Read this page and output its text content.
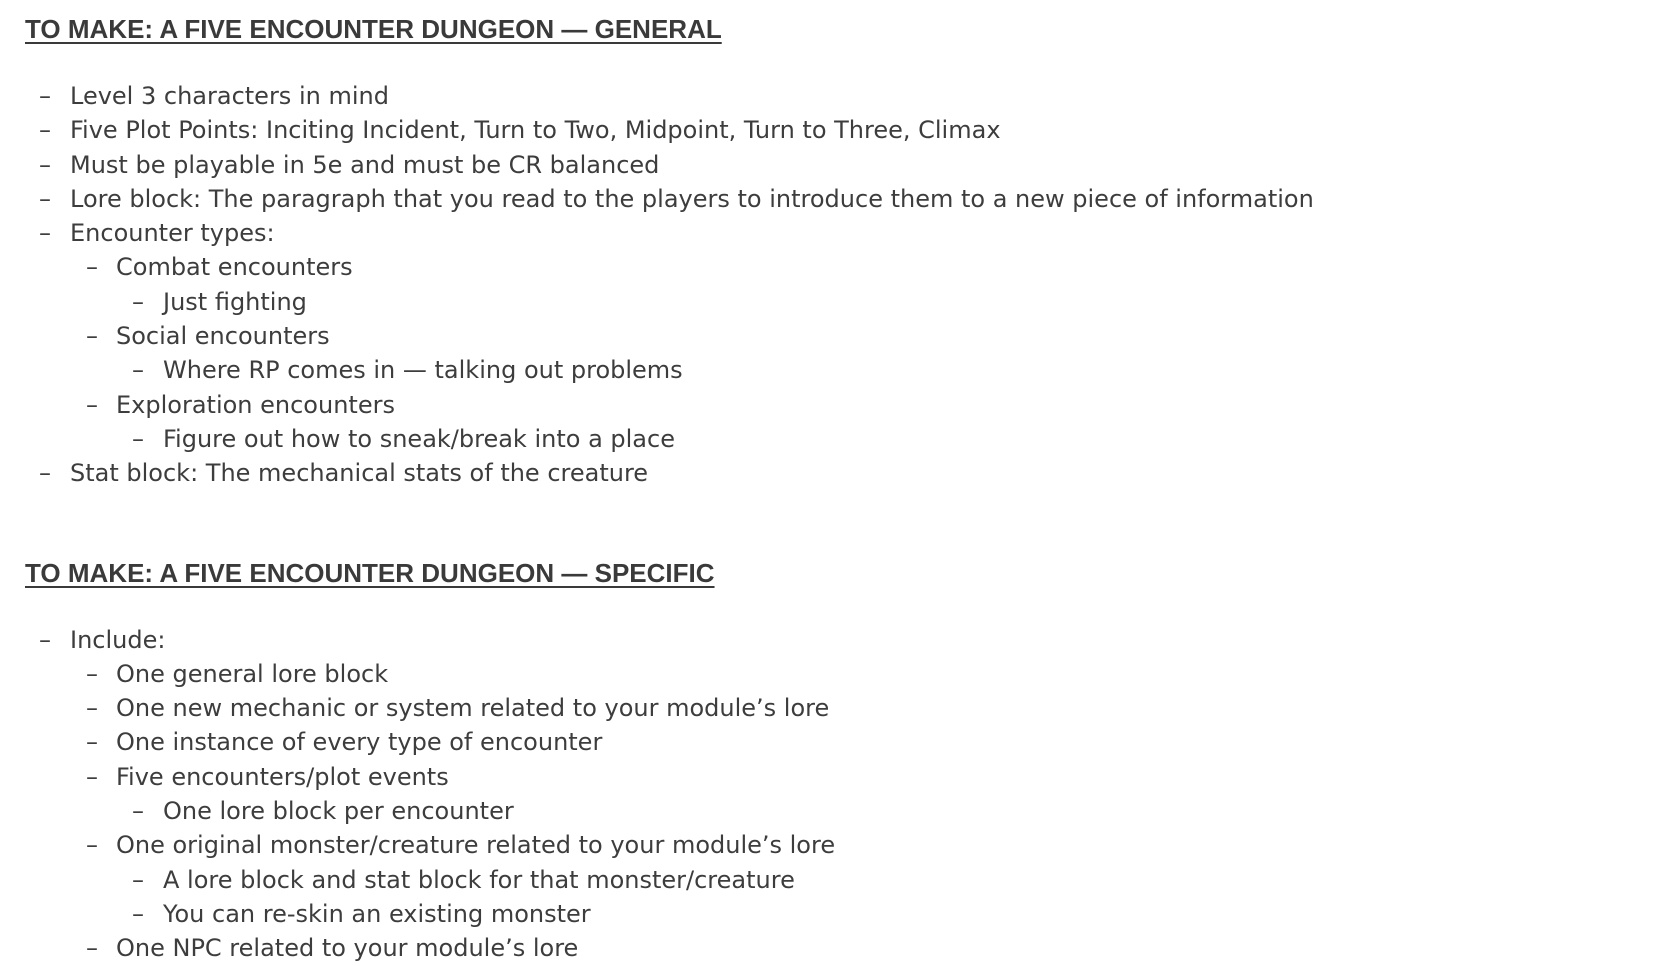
TO MAKE: A FIVE ENCOUNTER DUNGEON — GENERAL
– Level 3 characters in mind
– Five Plot Points: Inciting Incident, Turn to Two, Midpoint, Turn to Three, Climax
– Must be playable in 5e and must be CR balanced
– Lore block: The paragraph that you read to the players to introduce them to a new piece of information
– Encounter types:
– Combat encounters
– Just fighting
– Social encounters
– Where RP comes in — talking out problems
– Exploration encounters
– Figure out how to sneak/break into a place
– Stat block: The mechanical stats of the creature
TO MAKE: A FIVE ENCOUNTER DUNGEON — SPECIFIC
– Include:
– One general lore block
– One new mechanic or system related to your module’s lore
– One instance of every type of encounter
– Five encounters/plot events
– One lore block per encounter
– One original monster/creature related to your module’s lore
– A lore block and stat block for that monster/creature
– You can re-skin an existing monster
– One NPC related to your module’s lore
